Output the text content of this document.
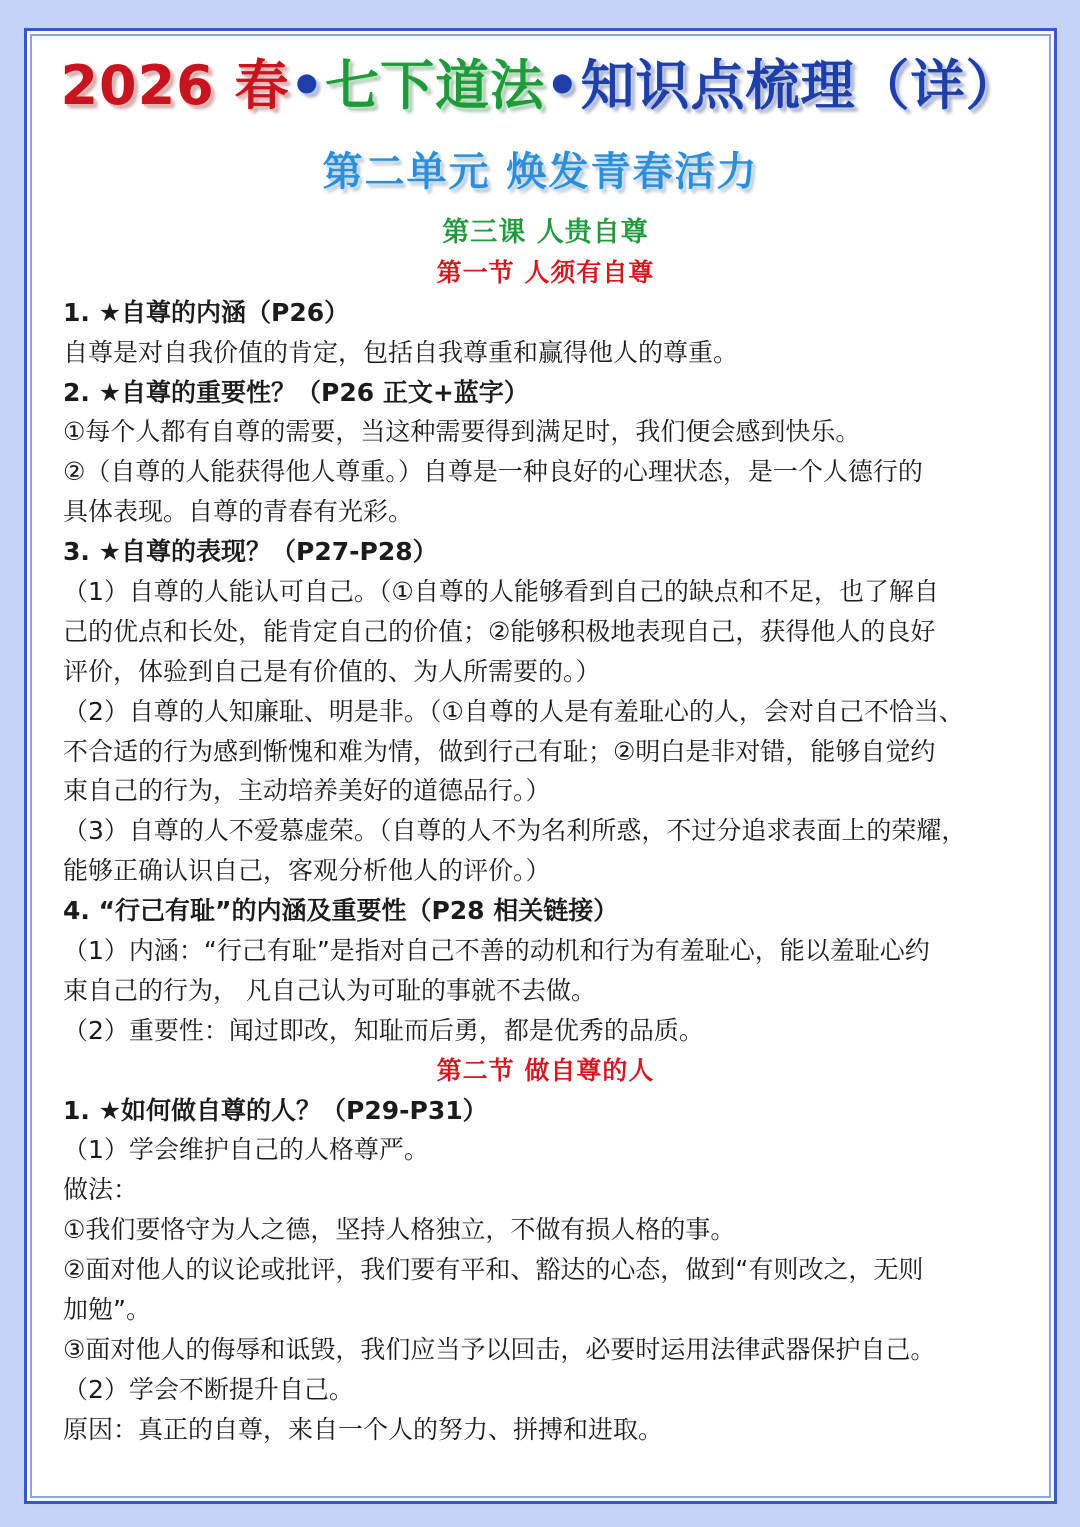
2026 春•七下道法•知识点梳理（详）
第二单元 焕发青春活力
第三课 人贵自尊
第一节 人须有自尊
1. ★自尊的内涵（P26）
自尊是对自我价值的肯定，包括自我尊重和赢得他人的尊重。
2. ★自尊的重要性？（P26 正文+蓝字）
①每个人都有自尊的需要，当这种需要得到满足时，我们便会感到快乐。
②（自尊的人能获得他人尊重。）自尊是一种良好的心理状态，是一个人德行的
具体表现。自尊的青春有光彩。
3. ★自尊的表现？（P27-P28）
（1）自尊的人能认可自己。（①自尊的人能够看到自己的缺点和不足，也了解自
己的优点和长处，能肯定自己的价值；②能够积极地表现自己，获得他人的良好
评价，体验到自己是有价值的、为人所需要的。）
（2）自尊的人知廉耻、明是非。（①自尊的人是有羞耻心的人，会对自己不恰当、
不合适的行为感到惭愧和难为情，做到行己有耻；②明白是非对错，能够自觉约
束自己的行为，主动培养美好的道德品行。）
（3）自尊的人不爱慕虚荣。（自尊的人不为名利所惑，不过分追求表面上的荣耀，
能够正确认识自己，客观分析他人的评价。）
4. “行己有耻”的内涵及重要性（P28 相关链接）
（1）内涵：“行己有耻”是指对自己不善的动机和行为有羞耻心，能以羞耻心约
束自己的行为， 凡自己认为可耻的事就不去做。
（2）重要性：闻过即改，知耻而后勇，都是优秀的品质。
第二节 做自尊的人
1. ★如何做自尊的人？（P29-P31）
（1）学会维护自己的人格尊严。
做法：
①我们要恪守为人之德，坚持人格独立，不做有损人格的事。
②面对他人的议论或批评，我们要有平和、豁达的心态，做到“有则改之，无则
加勉”。
③面对他人的侮辱和诋毁，我们应当予以回击，必要时运用法律武器保护自己。
（2）学会不断提升自己。
原因：真正的自尊，来自一个人的努力、拼搏和进取。
